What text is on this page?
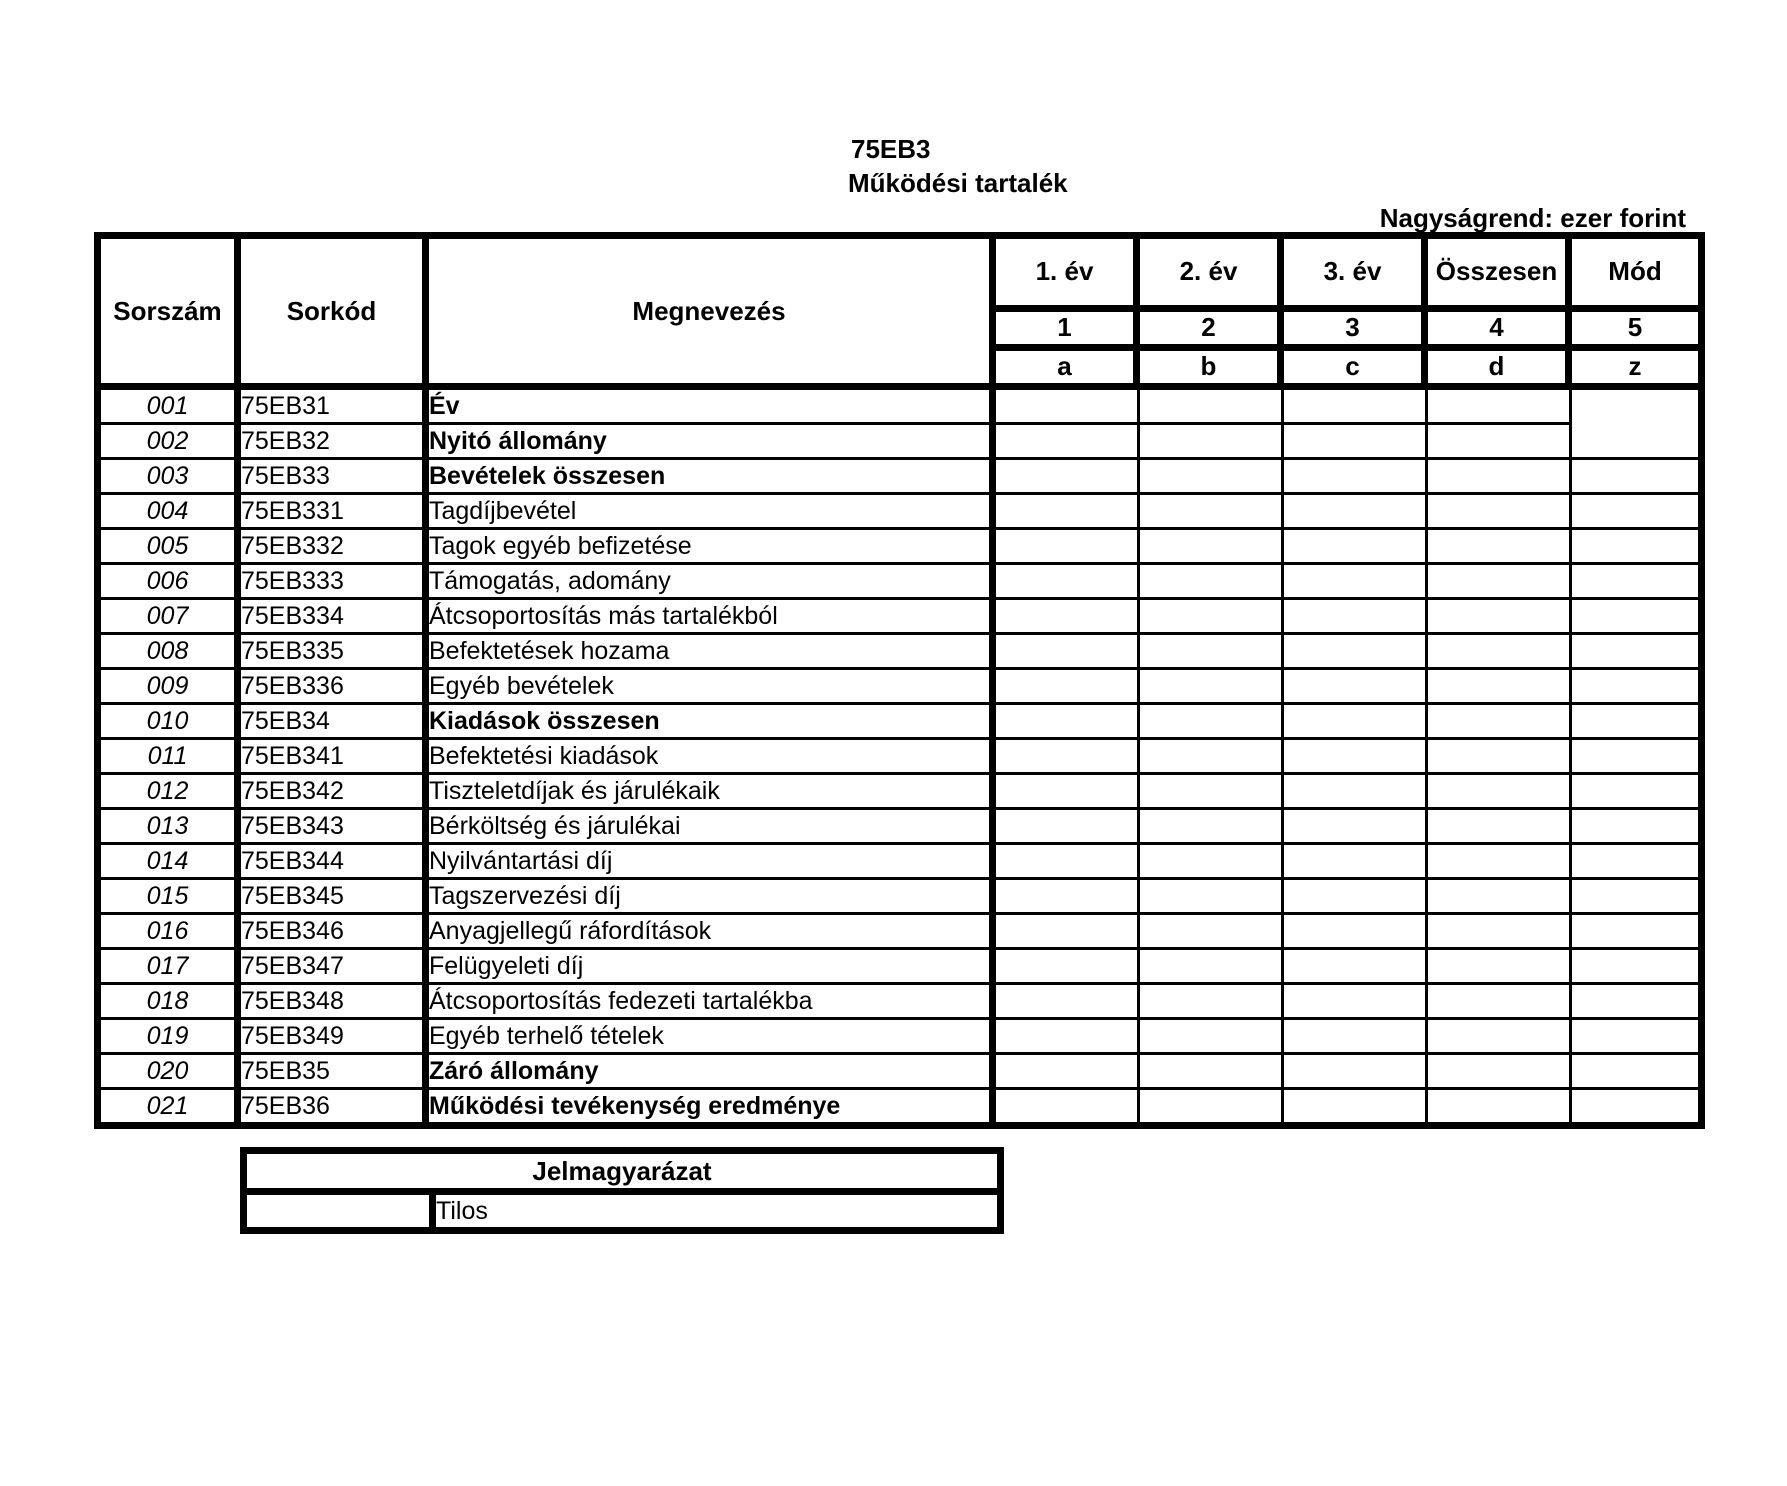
75EB3
Működési tartalék
Nagyságrend: ezer forint
Sorszám	Sorkód	Megnevezés	1. év	2. év	3. év	Összesen	Mód
			1	2	3	4	5
			a	b	c	d	z
001	75EB31	Év					
002	75EB32	Nyitó állomány					
003	75EB33	Bevételek összesen					
004	75EB331	Tagdíjbevétel					
005	75EB332	Tagok egyéb befizetése					
006	75EB333	Támogatás, adomány					
007	75EB334	Átcsoportosítás más tartalékból					
008	75EB335	Befektetések hozama					
009	75EB336	Egyéb bevételek					
010	75EB34	Kiadások összesen					
011	75EB341	Befektetési kiadások					
012	75EB342	Tiszteletdíjak és járulékaik					
013	75EB343	Bérköltség és járulékai					
014	75EB344	Nyilvántartási díj					
015	75EB345	Tagszervezési díj					
016	75EB346	Anyagjellegű ráfordítások					
017	75EB347	Felügyeleti díj					
018	75EB348	Átcsoportosítás fedezeti tartalékba					
019	75EB349	Egyéb terhelő tételek					
020	75EB35	Záró állomány					
021	75EB36	Működési tevékenység eredménye					
Jelmagyarázat
	Tilos
